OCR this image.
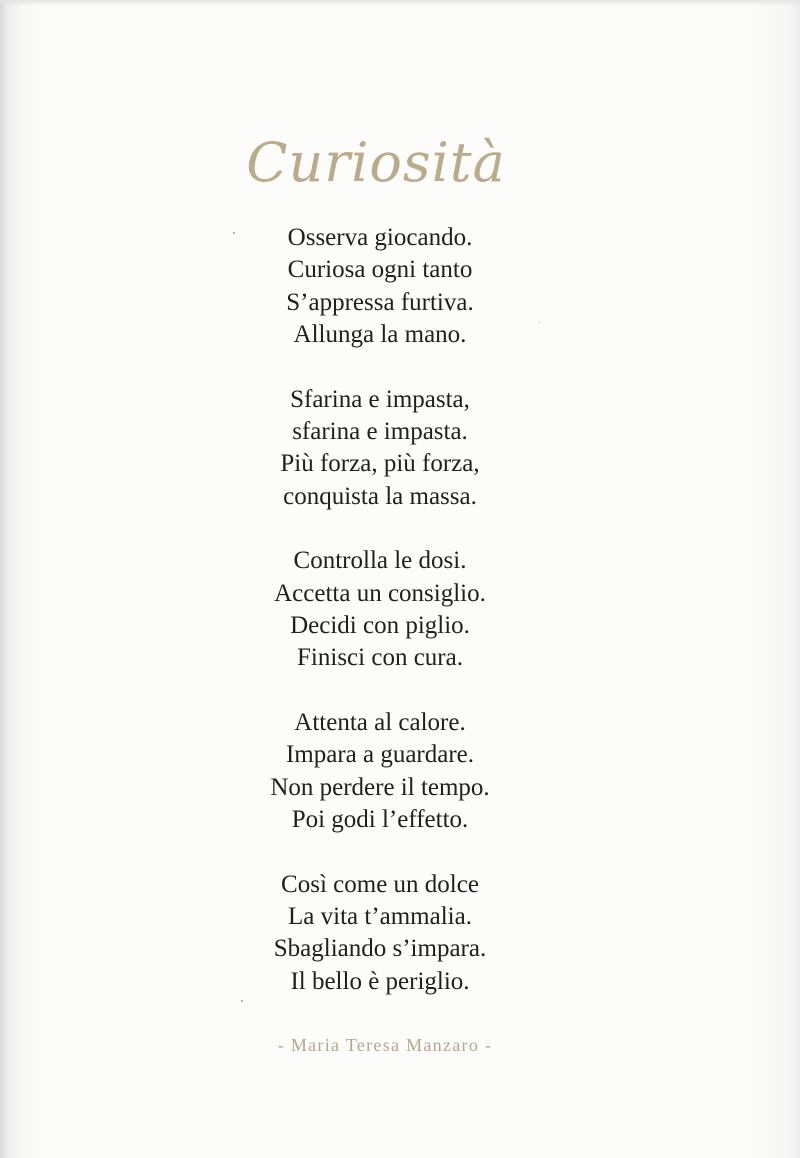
Curiosità
Osserva giocando.
Curiosa ogni tanto
S’appressa furtiva.
Allunga la mano.
Sfarina e impasta,
sfarina e impasta.
Più forza, più forza,
conquista la massa.
Controlla le dosi.
Accetta un consiglio.
Decidi con piglio.
Finisci con cura.
Attenta al calore.
Impara a guardare.
Non perdere il tempo.
Poi godi l’effetto.
Così come un dolce
La vita t’ammalia.
Sbagliando s’impara.
Il bello è periglio.
- Maria Teresa Manzaro -
